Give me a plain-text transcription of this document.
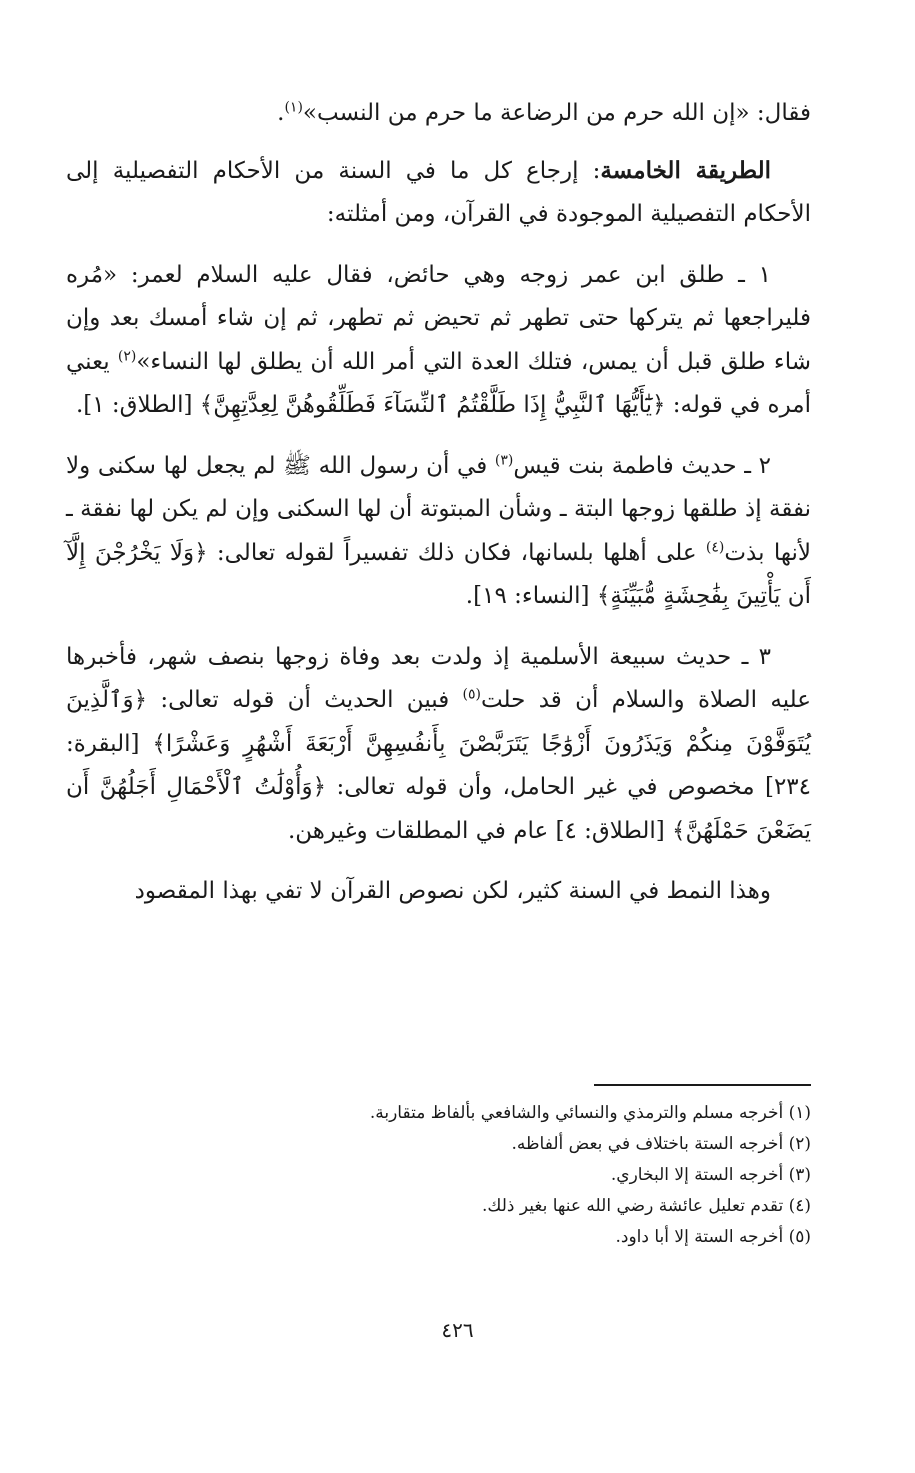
فقال: «إن الله حرم من الرضاعة ما حرم من النسب»$^{(١)}$.

الطريقة الخامسة: إرجاع كل ما في السنة من الأحكام التفصيلية إلى الأحكام التفصيلية الموجودة في القرآن، ومن أمثلته:

١ ـ طلق ابن عمر زوجه وهي حائض، فقال عليه السلام لعمر: «مُره فليراجعها ثم يتركها حتى تطهر ثم تحيض ثم تطهر، ثم إن شاء أمسك بعد وإن شاء طلق قبل أن يمس، فتلك العدة التي أمر الله أن يطلق لها النساء»$^{(٢)}$ يعني أمره في قوله: ﴿يَٰٓأَيُّهَا ٱلنَّبِيُّ إِذَا طَلَّقْتُمُ ٱلنِّسَآءَ فَطَلِّقُوهُنَّ لِعِدَّتِهِنَّ﴾ [الطلاق: ١].

٢ ـ حديث فاطمة بنت قيس$^{(٣)}$ في أن رسول الله ﷺ لم يجعل لها سكنى ولا نفقة إذ طلقها زوجها البتة ـ وشأن المبتوتة أن لها السكنى وإن لم يكن لها نفقة ـ لأنها بذت$^{(٤)}$ على أهلها بلسانها، فكان ذلك تفسيراً لقوله تعالى: ﴿وَلَا يَخْرُجْنَ إِلَّآ أَن يَأْتِينَ بِفَٰحِشَةٍ مُّبَيِّنَةٍ﴾ [النساء: ١٩].

٣ ـ حديث سبيعة الأسلمية إذ ولدت بعد وفاة زوجها بنصف شهر، فأخبرها عليه الصلاة والسلام أن قد حلت$^{(٥)}$ فبين الحديث أن قوله تعالى: ﴿وَٱلَّذِينَ يُتَوَفَّوْنَ مِنكُمْ وَيَذَرُونَ أَزْوَٰجًا يَتَرَبَّصْنَ بِأَنفُسِهِنَّ أَرْبَعَةَ أَشْهُرٍ وَعَشْرًا﴾ [البقرة: ٢٣٤] مخصوص في غير الحامل، وأن قوله تعالى: ﴿وَأُوْلَٰتُ ٱلْأَحْمَالِ أَجَلُهُنَّ أَن يَضَعْنَ حَمْلَهُنَّ﴾ [الطلاق: ٤] عام في المطلقات وغيرهن.

وهذا النمط في السنة كثير، لكن نصوص القرآن لا تفي بهذا المقصود

(١) أخرجه مسلم والترمذي والنسائي والشافعي بألفاظ متقاربة.

(٢) أخرجه الستة باختلاف في بعض ألفاظه.

(٣) أخرجه الستة إلا البخاري.

(٤) تقدم تعليل عائشة رضي الله عنها بغير ذلك.

(٥) أخرجه الستة إلا أبا داود.

٤٢٦
